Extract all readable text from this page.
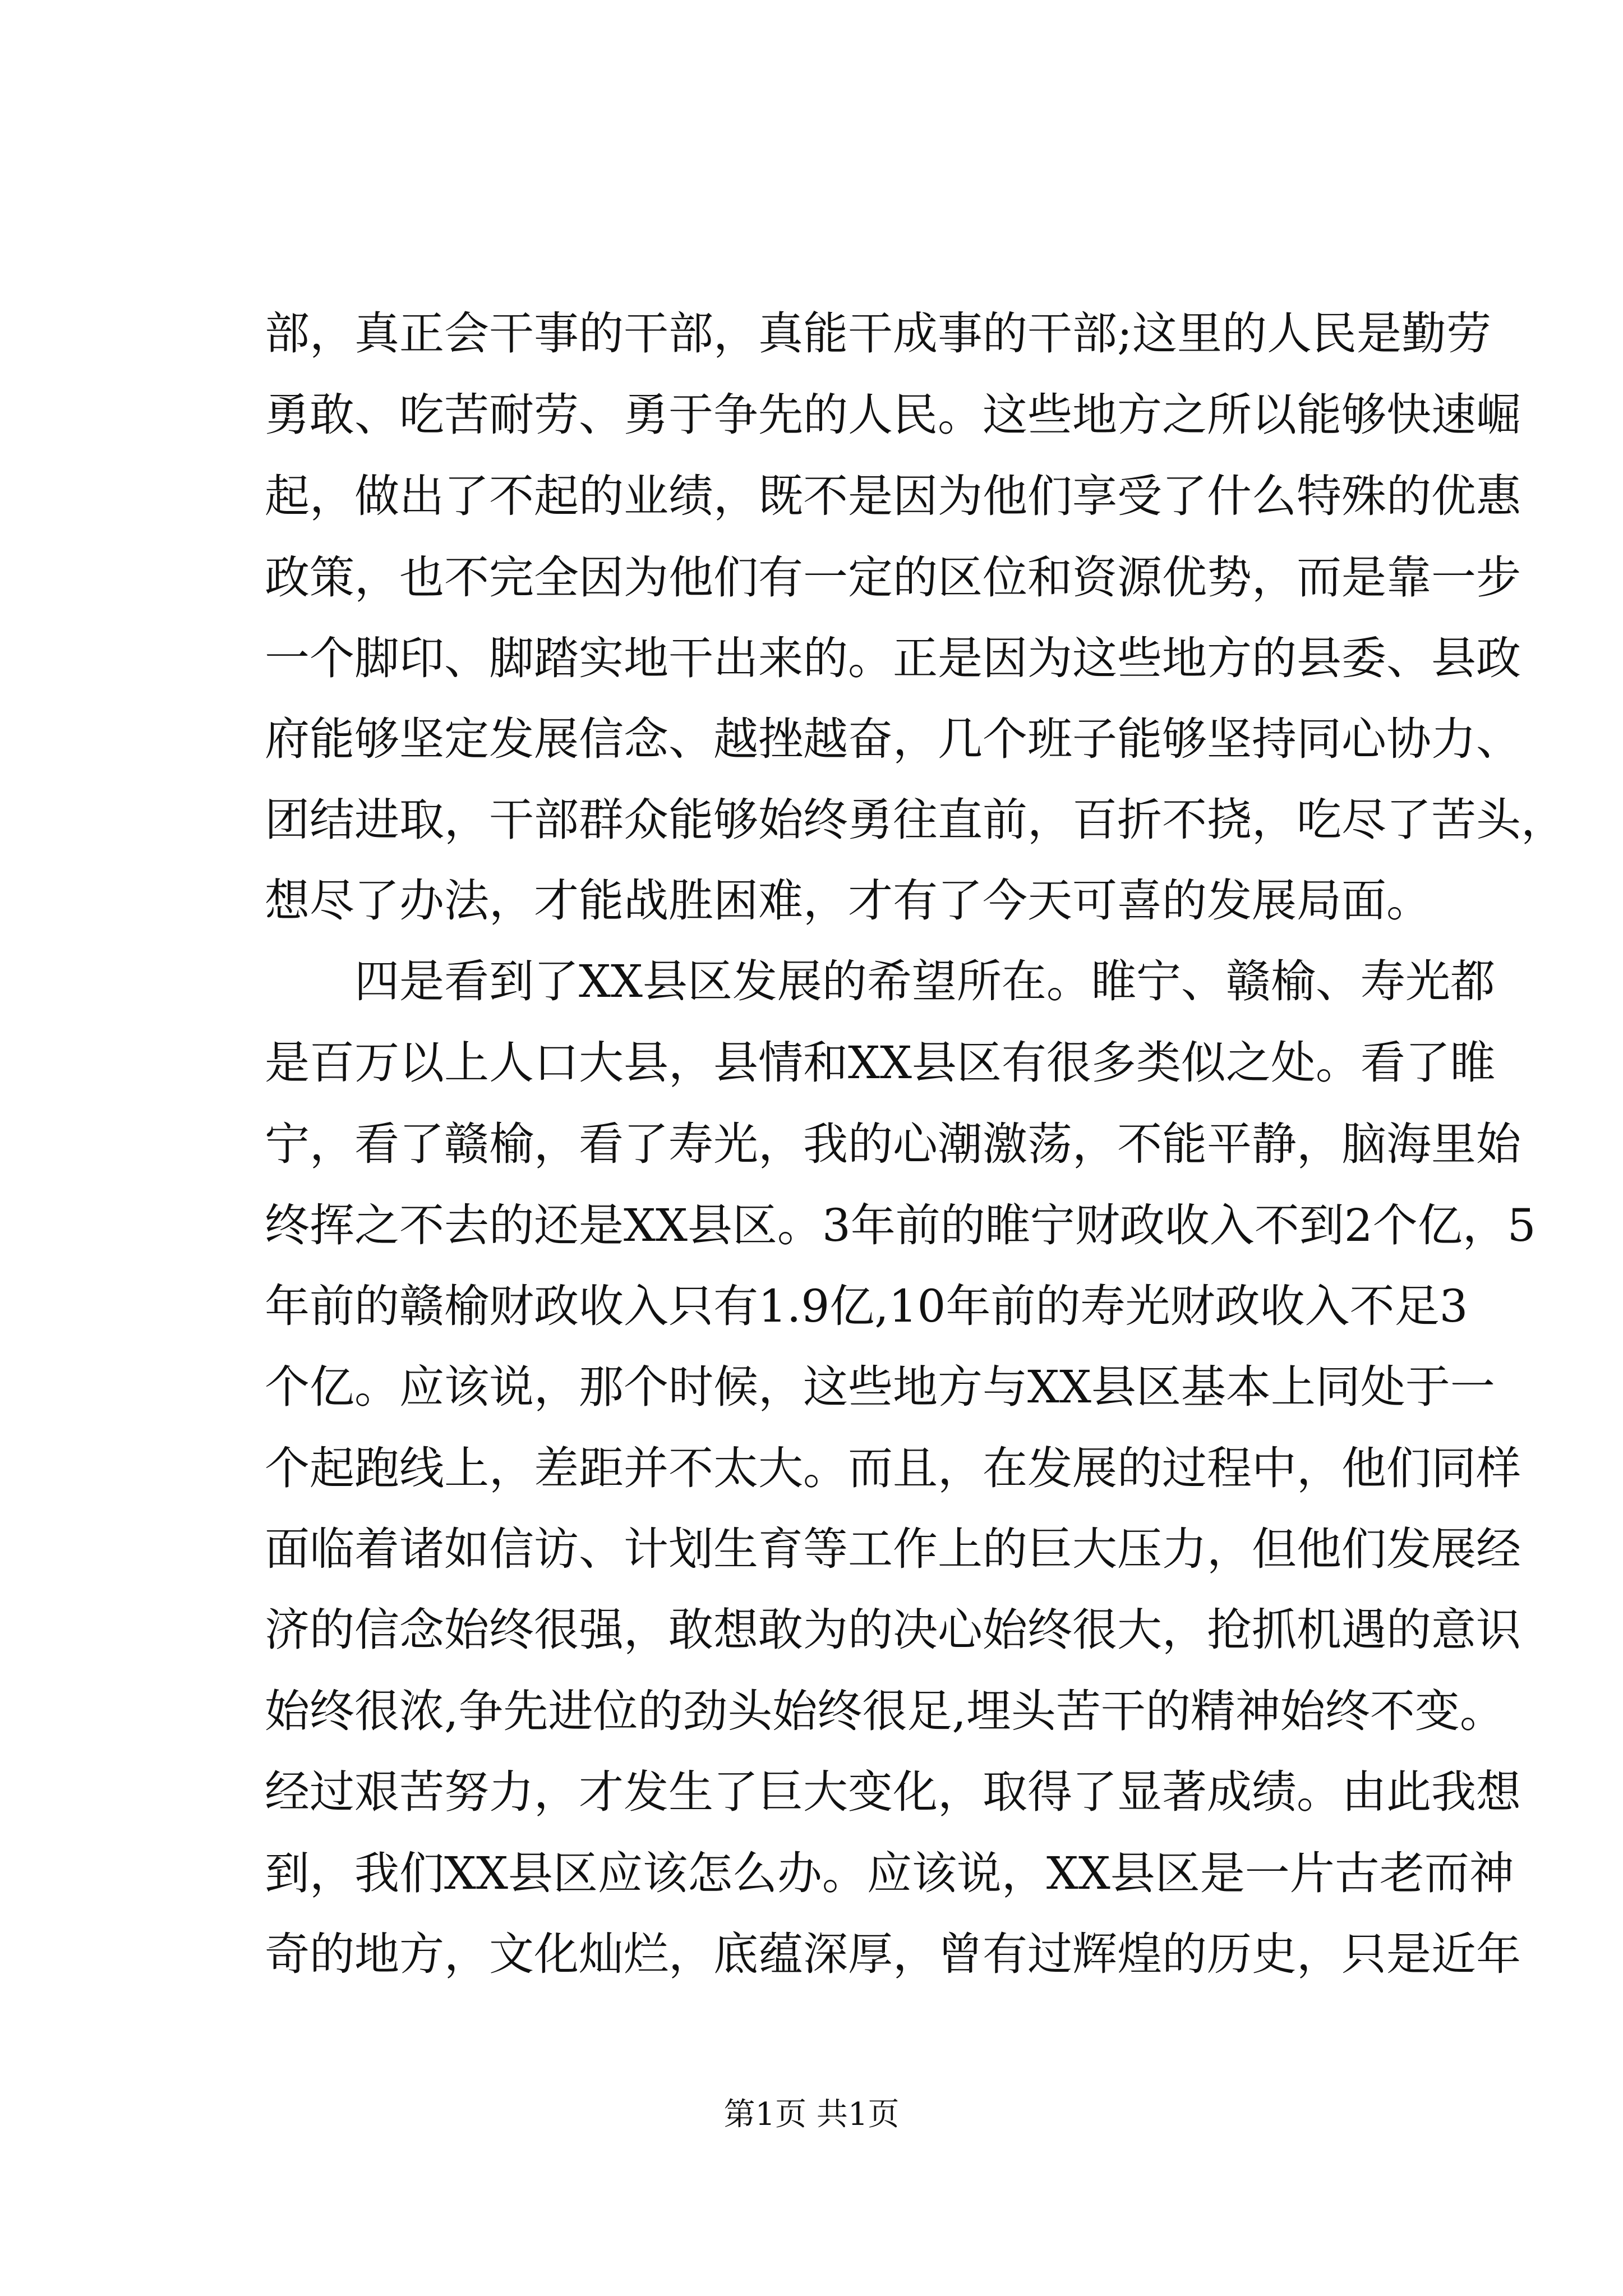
部，真正会干事的干部，真能干成事的干部;这里的人民是勤劳
勇敢、吃苦耐劳、勇于争先的人民。这些地方之所以能够快速崛
起，做出了不起的业绩，既不是因为他们享受了什么特殊的优惠
政策，也不完全因为他们有一定的区位和资源优势，而是靠一步
一个脚印、脚踏实地干出来的。正是因为这些地方的县委、县政
府能够坚定发展信念、越挫越奋，几个班子能够坚持同心协力、
团结进取，干部群众能够始终勇往直前，百折不挠，吃尽了苦头，
想尽了办法，才能战胜困难，才有了今天可喜的发展局面。
　　四是看到了XX县区发展的希望所在。睢宁、赣榆、寿光都
是百万以上人口大县，县情和XX县区有很多类似之处。看了睢
宁，看了赣榆，看了寿光，我的心潮激荡，不能平静，脑海里始
终挥之不去的还是XX县区。3年前的睢宁财政收入不到2个亿，5
年前的赣榆财政收入只有1.9亿,10年前的寿光财政收入不足3
个亿。应该说，那个时候，这些地方与XX县区基本上同处于一
个起跑线上，差距并不太大。而且，在发展的过程中，他们同样
面临着诸如信访、计划生育等工作上的巨大压力，但他们发展经
济的信念始终很强，敢想敢为的决心始终很大，抢抓机遇的意识
始终很浓,争先进位的劲头始终很足,埋头苦干的精神始终不变。
经过艰苦努力，才发生了巨大变化，取得了显著成绩。由此我想
到，我们XX县区应该怎么办。应该说，XX县区是一片古老而神
奇的地方，文化灿烂，底蕴深厚，曾有过辉煌的历史，只是近年
第1页 共1页
